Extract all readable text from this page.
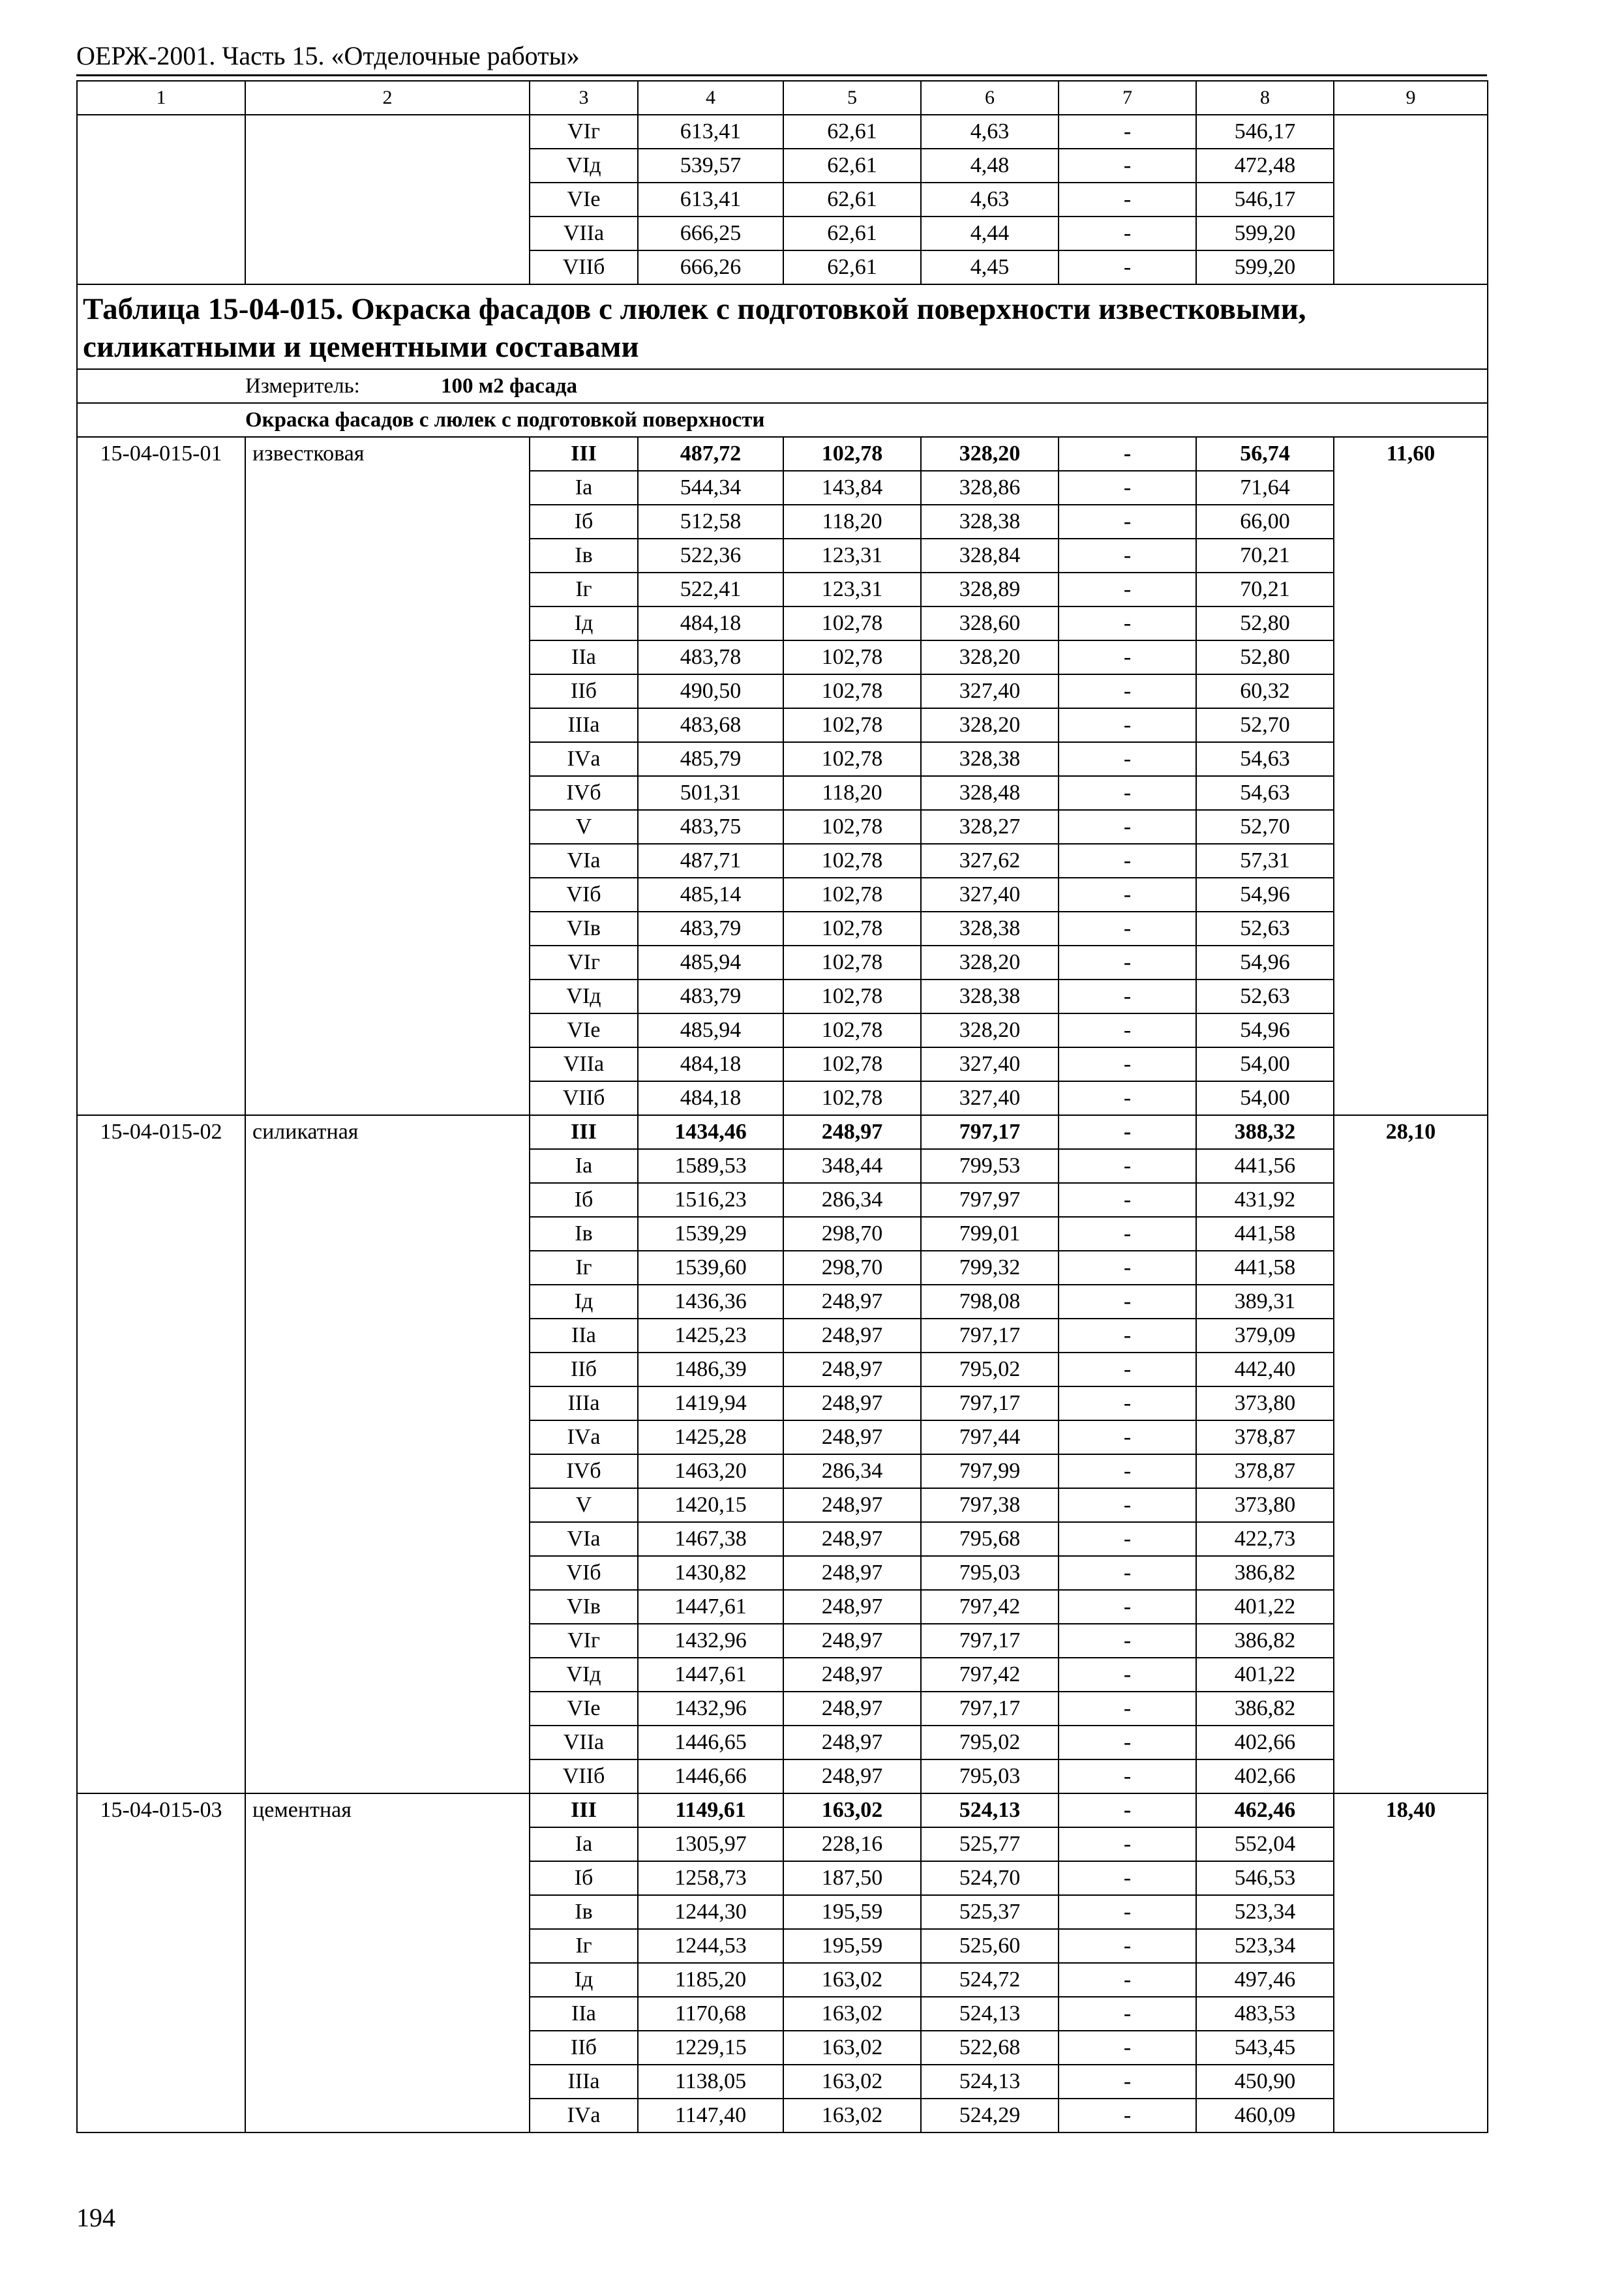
ОЕРЖ-2001. Часть 15. «Отделочные работы»
1	2	3	4	5	6	7	8	9
		VIг	613,41	62,61	4,63	-	546,17	
		VIд	539,57	62,61	4,48	-	472,48	
		VIе	613,41	62,61	4,63	-	546,17	
		VIIа	666,25	62,61	4,44	-	599,20	
		VIIб	666,26	62,61	4,45	-	599,20	
Таблица 15-04-015. Окраска фасадов с люлек с подготовкой поверхности известковыми, силикатными и цементными составами								
	Измеритель: 100 м2 фасада							
	Окраска фасадов с люлек с подготовкой поверхности							
15-04-015-01	известковая	III	487,72	102,78	328,20	-	56,74	11,60
		Iа	544,34	143,84	328,86	-	71,64	
		Iб	512,58	118,20	328,38	-	66,00	
		Iв	522,36	123,31	328,84	-	70,21	
		Iг	522,41	123,31	328,89	-	70,21	
		Iд	484,18	102,78	328,60	-	52,80	
		IIа	483,78	102,78	328,20	-	52,80	
		IIб	490,50	102,78	327,40	-	60,32	
		IIIа	483,68	102,78	328,20	-	52,70	
		IVа	485,79	102,78	328,38	-	54,63	
		IVб	501,31	118,20	328,48	-	54,63	
		V	483,75	102,78	328,27	-	52,70	
		VIа	487,71	102,78	327,62	-	57,31	
		VIб	485,14	102,78	327,40	-	54,96	
		VIв	483,79	102,78	328,38	-	52,63	
		VIг	485,94	102,78	328,20	-	54,96	
		VIд	483,79	102,78	328,38	-	52,63	
		VIе	485,94	102,78	328,20	-	54,96	
		VIIа	484,18	102,78	327,40	-	54,00	
		VIIб	484,18	102,78	327,40	-	54,00	
15-04-015-02	силикатная	III	1434,46	248,97	797,17	-	388,32	28,10
		Iа	1589,53	348,44	799,53	-	441,56	
		Iб	1516,23	286,34	797,97	-	431,92	
		Iв	1539,29	298,70	799,01	-	441,58	
		Iг	1539,60	298,70	799,32	-	441,58	
		Iд	1436,36	248,97	798,08	-	389,31	
		IIа	1425,23	248,97	797,17	-	379,09	
		IIб	1486,39	248,97	795,02	-	442,40	
		IIIа	1419,94	248,97	797,17	-	373,80	
		IVа	1425,28	248,97	797,44	-	378,87	
		IVб	1463,20	286,34	797,99	-	378,87	
		V	1420,15	248,97	797,38	-	373,80	
		VIа	1467,38	248,97	795,68	-	422,73	
		VIб	1430,82	248,97	795,03	-	386,82	
		VIв	1447,61	248,97	797,42	-	401,22	
		VIг	1432,96	248,97	797,17	-	386,82	
		VIд	1447,61	248,97	797,42	-	401,22	
		VIе	1432,96	248,97	797,17	-	386,82	
		VIIа	1446,65	248,97	795,02	-	402,66	
		VIIб	1446,66	248,97	795,03	-	402,66	
15-04-015-03	цементная	III	1149,61	163,02	524,13	-	462,46	18,40
		Iа	1305,97	228,16	525,77	-	552,04	
		Iб	1258,73	187,50	524,70	-	546,53	
		Iв	1244,30	195,59	525,37	-	523,34	
		Iг	1244,53	195,59	525,60	-	523,34	
		Iд	1185,20	163,02	524,72	-	497,46	
		IIа	1170,68	163,02	524,13	-	483,53	
		IIб	1229,15	163,02	522,68	-	543,45	
		IIIа	1138,05	163,02	524,13	-	450,90	
		IVа	1147,40	163,02	524,29	-	460,09	
194
